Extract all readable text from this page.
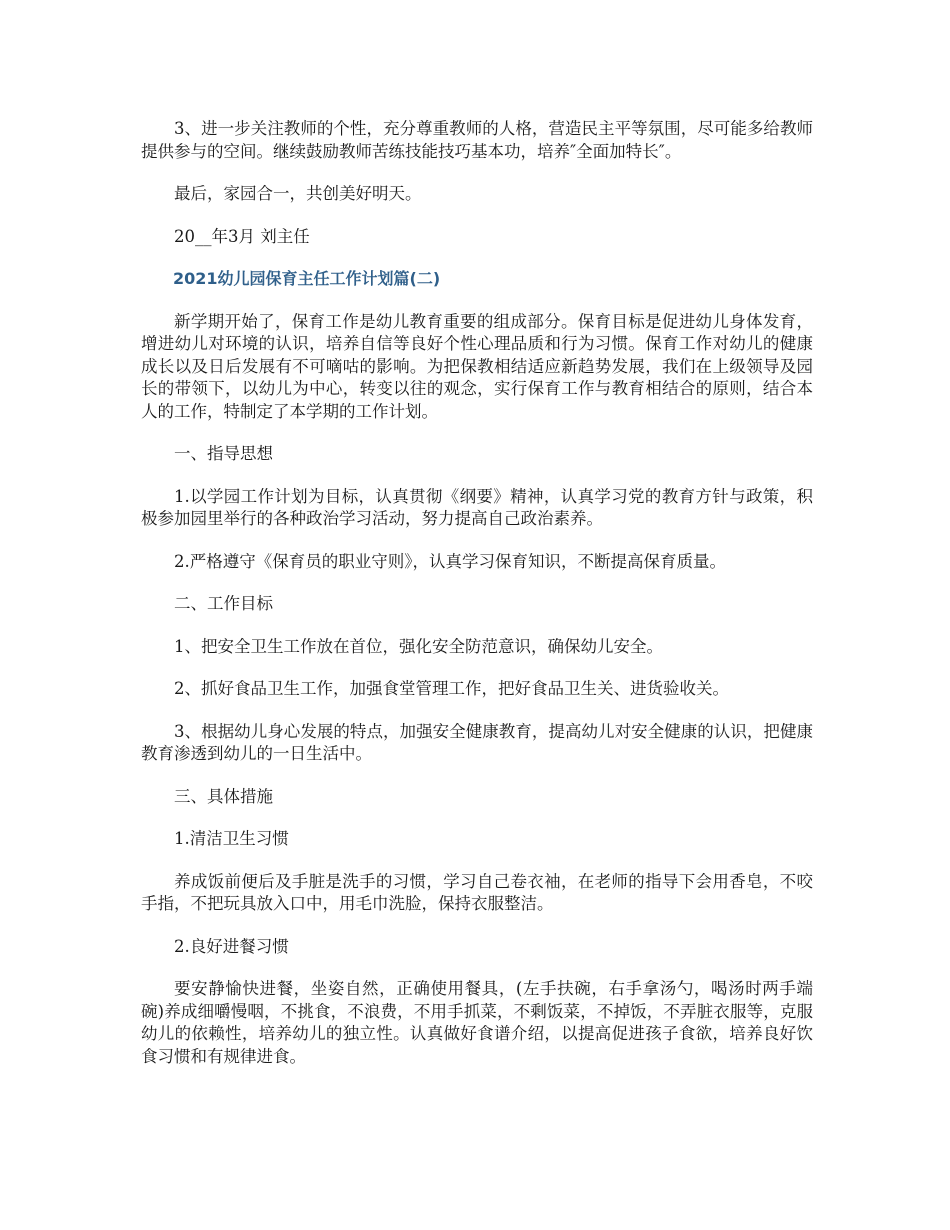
3、进一步关注教师的个性，充分尊重教师的人格，营造民主平等氛围，尽可能多给教师提供参与的空间。继续鼓励教师苦练技能技巧基本功，培养″全面加特长″。

最后，家园合一，共创美好明天。

20__年3月 刘主任

2021幼儿园保育主任工作计划篇(二)

新学期开始了，保育工作是幼儿教育重要的组成部分。保育目标是促进幼儿身体发育，增进幼儿对环境的认识，培养自信等良好个性心理品质和行为习惯。保育工作对幼儿的健康成长以及日后发展有不可嘀咕的影响。为把保教相结适应新趋势发展，我们在上级领导及园长的带领下，以幼儿为中心，转变以往的观念，实行保育工作与教育相结合的原则，结合本人的工作，特制定了本学期的工作计划。

一、指导思想

1.以学园工作计划为目标，认真贯彻《纲要》精神，认真学习党的教育方针与政策，积极参加园里举行的各种政治学习活动，努力提高自己政治素养。

2.严格遵守《保育员的职业守则》，认真学习保育知识，不断提高保育质量。

二、工作目标

1、把安全卫生工作放在首位，强化安全防范意识，确保幼儿安全。

2、抓好食品卫生工作，加强食堂管理工作，把好食品卫生关、进货验收关。

3、根据幼儿身心发展的特点，加强安全健康教育，提高幼儿对安全健康的认识，把健康教育渗透到幼儿的一日生活中。

三、具体措施

1.清洁卫生习惯

养成饭前便后及手脏是洗手的习惯，学习自己卷衣袖，在老师的指导下会用香皂，不咬手指，不把玩具放入口中，用毛巾洗脸，保持衣服整洁。

2.良好进餐习惯

要安静愉快进餐，坐姿自然，正确使用餐具，(左手扶碗，右手拿汤勺，喝汤时两手端碗)养成细嚼慢咽，不挑食，不浪费，不用手抓菜，不剩饭菜，不掉饭，不弄脏衣服等，克服幼儿的依赖性，培养幼儿的独立性。认真做好食谱介绍，以提高促进孩子食欲，培养良好饮食习惯和有规律进食。
